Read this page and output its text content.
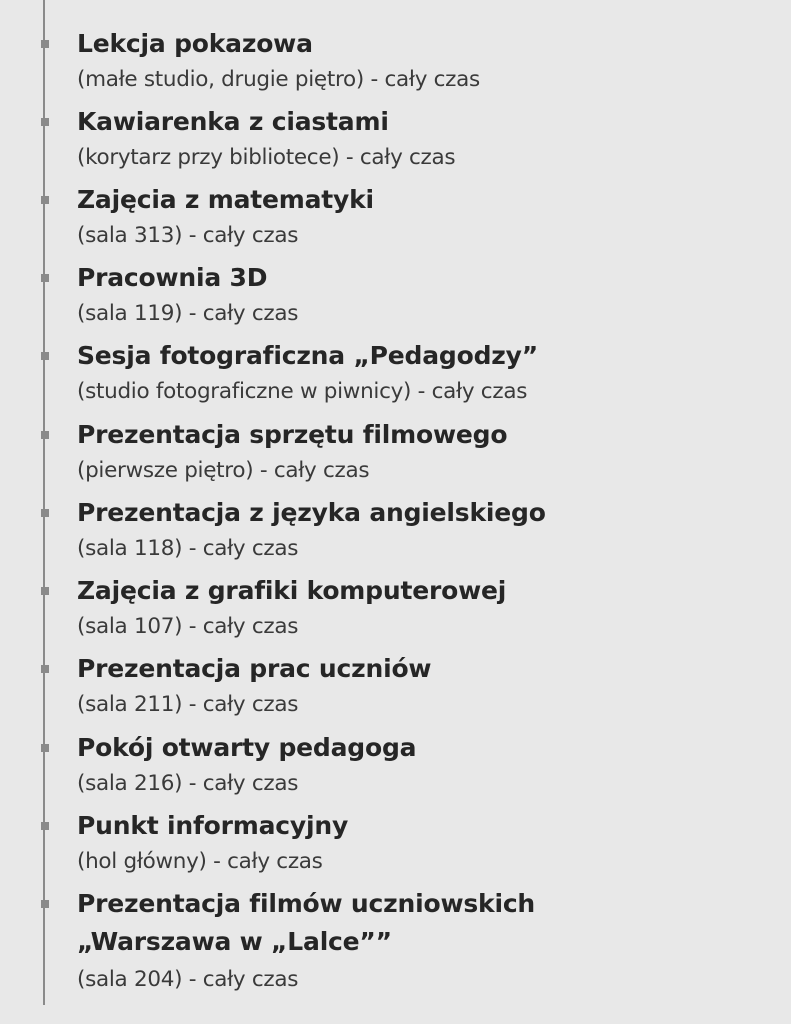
Lekcja pokazowa
(małe studio, drugie piętro) - cały czas
Kawiarenka z ciastami
(korytarz przy bibliotece) - cały czas
Zajęcia z matematyki
(sala 313) - cały czas
Pracownia 3D
(sala 119) - cały czas
Sesja fotograficzna „Pedagodzy”
(studio fotograficzne w piwnicy) - cały czas
Prezentacja sprzętu filmowego
(pierwsze piętro) - cały czas
Prezentacja z języka angielskiego
(sala 118) - cały czas
Zajęcia z grafiki komputerowej
(sala 107) - cały czas
Prezentacja prac uczniów
(sala 211) - cały czas
Pokój otwarty pedagoga
(sala 216) - cały czas
Punkt informacyjny
(hol główny) - cały czas
Prezentacja filmów uczniowskich
„Warszawa w „Lalce””
(sala 204) - cały czas
